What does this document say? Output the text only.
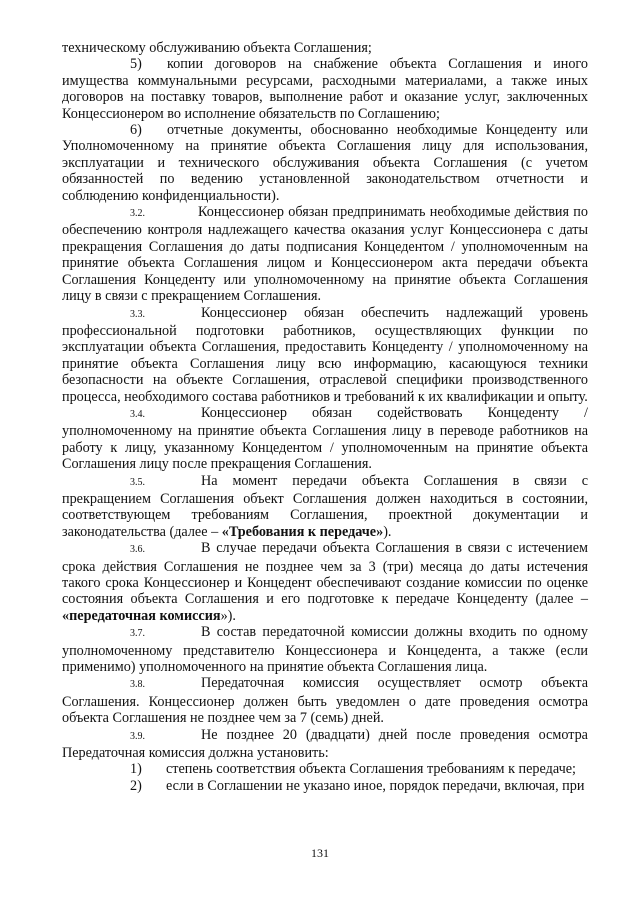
техническому обслуживанию объекта Соглашения;

5) копии договоров на снабжение объекта Соглашения и иного имущества коммунальными ресурсами, расходными материалами, а также иных договоров на поставку товаров, выполнение работ и оказание услуг, заключенных Концессионером во исполнение обязательств по Соглашению;

6) отчетные документы, обоснованно необходимые Концеденту или Уполномоченному на принятие объекта Соглашения лицу для использования, эксплуатации и технического обслуживания объекта Соглашения (с учетом обязанностей по ведению установленной законодательством отчетности и соблюдению конфиденциальности).

3.2.	Концессионер обязан предпринимать необходимые действия по обеспечению контроля надлежащего качества оказания услуг Концессионера с даты прекращения Соглашения до даты подписания Концедентом / уполномоченным на принятие объекта Соглашения лицом и Концессионером акта передачи объекта Соглашения Концеденту или уполномоченному на принятие объекта Соглашения лицу в связи с прекращением Соглашения.

3.3.	Концессионер обязан обеспечить надлежащий уровень профессиональной подготовки работников, осуществляющих функции по эксплуатации объекта Соглашения, предоставить Концеденту / уполномоченному на принятие объекта Соглашения лицу всю информацию, касающуюся техники безопасности на объекте Соглашения, отраслевой специфики производственного процесса, необходимого состава работников и требований к их квалификации и опыту.

3.4.	Концессионер обязан содействовать Концеденту / уполномоченному на принятие объекта Соглашения лицу в переводе работников на работу к лицу, указанному Концедентом / уполномоченным на принятие объекта Соглашения лицу после прекращения Соглашения.

3.5.	На момент передачи объекта Соглашения в связи с прекращением Соглашения объект Соглашения должен находиться в состоянии, соответствующем требованиям Соглашения, проектной документации и законодательства (далее – «Требования к передаче»).

3.6.	В случае передачи объекта Соглашения в связи с истечением срока действия Соглашения не позднее чем за 3 (три) месяца до даты истечения такого срока Концессионер и Концедент обеспечивают создание комиссии по оценке состояния объекта Соглашения и его подготовке к передаче Концеденту (далее – «передаточная комиссия»).

3.7.	В состав передаточной комиссии должны входить по одному уполномоченному представителю Концессионера и Концедента, а также (если применимо) уполномоченного на принятие объекта Соглашения лица.

3.8.	Передаточная комиссия осуществляет осмотр объекта Соглашения. Концессионер должен быть уведомлен о дате проведения осмотра объекта Соглашения не позднее чем за 7 (семь) дней.

3.9.	Не позднее 20 (двадцати) дней после проведения осмотра Передаточная комиссия должна установить:

1) степень соответствия объекта Соглашения требованиям к передаче;

2) если в Соглашении не указано иное, порядок передачи, включая, при

131
